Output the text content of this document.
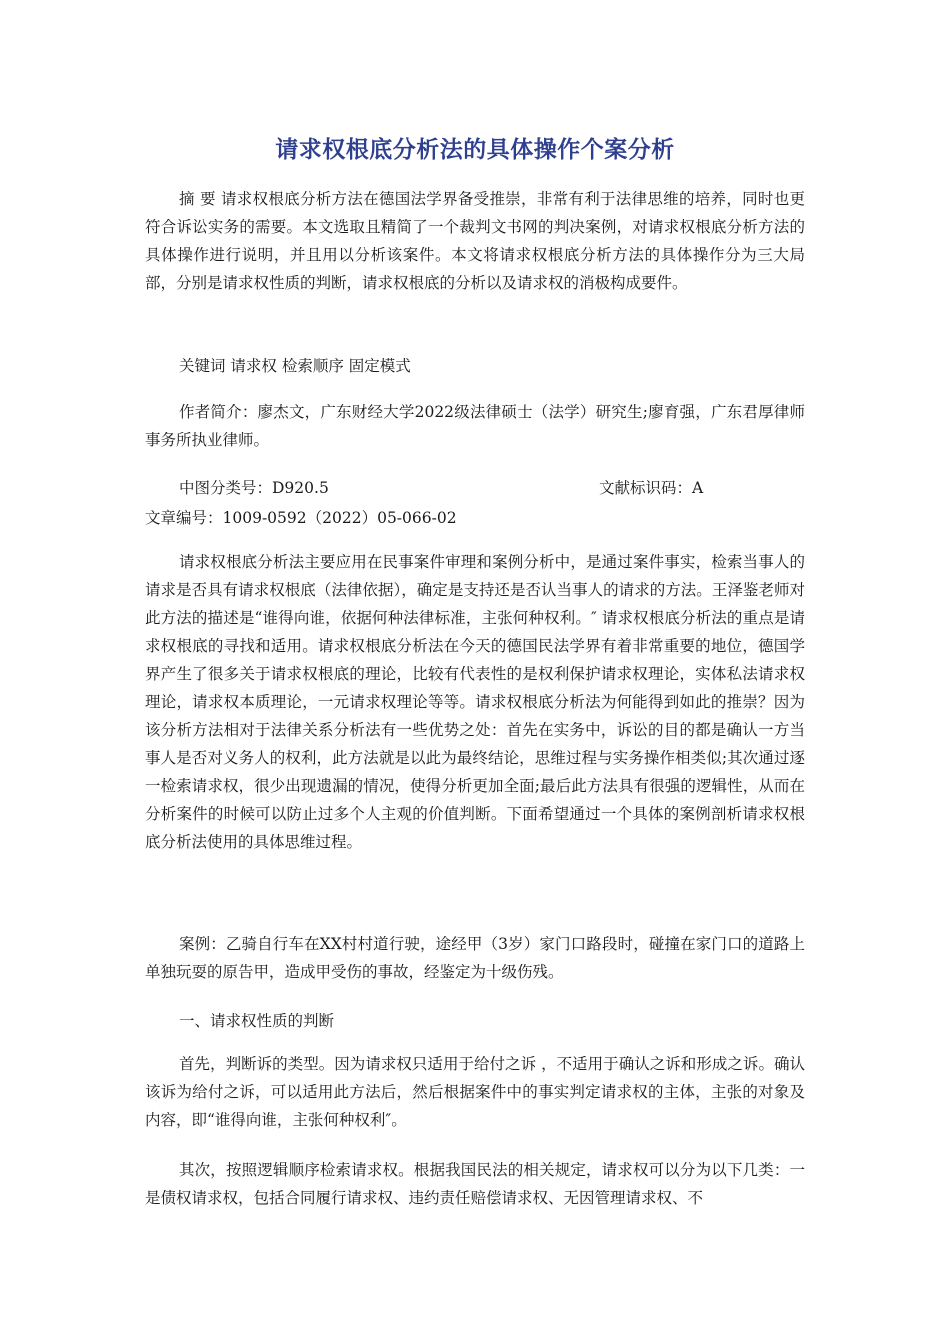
请求权根底分析法的具体操作个案分析

摘 要 请求权根底分析方法在德国法学界备受推崇，非常有利于法律思维的培养，同时也更符合诉讼实务的需要。本文选取且精简了一个裁判文书网的判决案例，对请求权根底分析方法的具体操作进行说明，并且用以分析该案件。本文将请求权根底分析方法的具体操作分为三大局部，分别是请求权性质的判断，请求权根底的分析以及请求权的消极构成要件。

关键词 请求权 检索顺序 固定模式

作者简介：廖杰文，广东财经大学2022级法律硕士（法学）研究生;廖育强，广东君厚律师事务所执业律师。

中图分类号：D920.5	文献标识码：A
文章编号：1009-0592（2022）05-066-02

请求权根底分析法主要应用在民事案件审理和案例分析中，是通过案件事实，检索当事人的请求是否具有请求权根底（法律依据），确定是支持还是否认当事人的请求的方法。王泽鉴老师对此方法的描述是“谁得向谁，依据何种法律标准，主张何种权利。″ 请求权根底分析法的重点是请求权根底的寻找和适用。请求权根底分析法在今天的德国民法学界有着非常重要的地位，德国学界产生了很多关于请求权根底的理论，比较有代表性的是权利保护请求权理论，实体私法请求权理论，请求权本质理论，一元请求权理论等等。请求权根底分析法为何能得到如此的推崇？因为该分析方法相对于法律关系分析法有一些优势之处：首先在实务中，诉讼的目的都是确认一方当事人是否对义务人的权利，此方法就是以此为最终结论，思维过程与实务操作相类似;其次通过逐一检索请求权，很少出现遗漏的情况，使得分析更加全面;最后此方法具有很强的逻辑性，从而在分析案件的时候可以防止过多个人主观的价值判断。下面希望通过一个具体的案例剖析请求权根底分析法使用的具体思维过程。

案例：乙骑自行车在XX村村道行驶，途经甲（3岁）家门口路段时，碰撞在家门口的道路上单独玩耍的原告甲，造成甲受伤的事故，经鉴定为十级伤残。

一、请求权性质的判断

首先，判断诉的类型。因为请求权只适用于给付之诉 ，不适用于确认之诉和形成之诉。确认该诉为给付之诉，可以适用此方法后，然后根据案件中的事实判定请求权的主体，主张的对象及内容，即“谁得向谁，主张何种权利″。

其次，按照逻辑顺序检索请求权。根据我国民法的相关规定，请求权可以分为以下几类：一是债权请求权，包括合同履行请求权、违约责任赔偿请求权、无因管理请求权、不
